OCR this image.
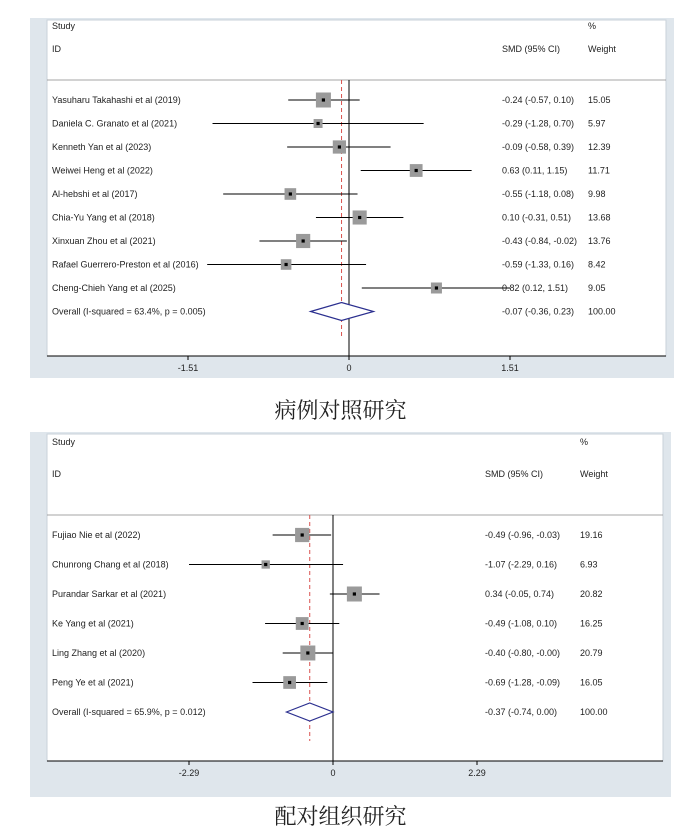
Study
ID
%
SMD (95% CI)	Weight
Yasuharu Takahashi et al (2019)	-0.24 (-0.57, 0.10) 15.05
Daniela C. Granato et al (2021)	-0.29 (-1.28, 0.70) 5.97
Kenneth Yan et al (2023)	-0.09 (-0.58, 0.39) 12.39
Weiwei Heng et al (2022)	0.63 (0.11, 1.15) 11.71
Al-hebshi et al (2017)	-0.55 (-1.18, 0.08) 9.98
Chia-Yu Yang et al (2018)	0.10 (-0.31, 0.51) 13.68
Xinxuan Zhou et al (2021)	-0.43 (-0.84, -0.02) 13.76
Rafael Guerrero-Preston et al (2016)	-0.59 (-1.33, 0.16) 8.42
Cheng-Chieh Yang et al (2025)	0.82 (0.12, 1.51) 9.05
Overall (I-squared = 63.4%, p = 0.005)	-0.07 (-0.36, 0.23) 100.00
-1.51	0	1.51
病例对照研究
Study
ID
%
SMD (95% CI)	Weight
Fujiao Nie et al (2022)	-0.49 (-0.96, -0.03) 19.16
Chunrong Chang et al (2018)	-1.07 (-2.29, 0.16)	6.93
Purandar Sarkar et al (2021)	0.34 (-0.05, 0.74)	20.82
Ke Yang et al (2021)	-0.49 (-1.08, 0.10)	16.25
Ling Zhang et al (2020)	-0.40 (-0.80, -0.00) 20.79
Peng Ye et al (2021)	-0.69 (-1.28, -0.09) 16.05
Overall (I-squared = 65.9%, p = 0.012)	-0.37 (-0.74, 0.00)	100.00
-2.29	0	2.29
配对组织研究
